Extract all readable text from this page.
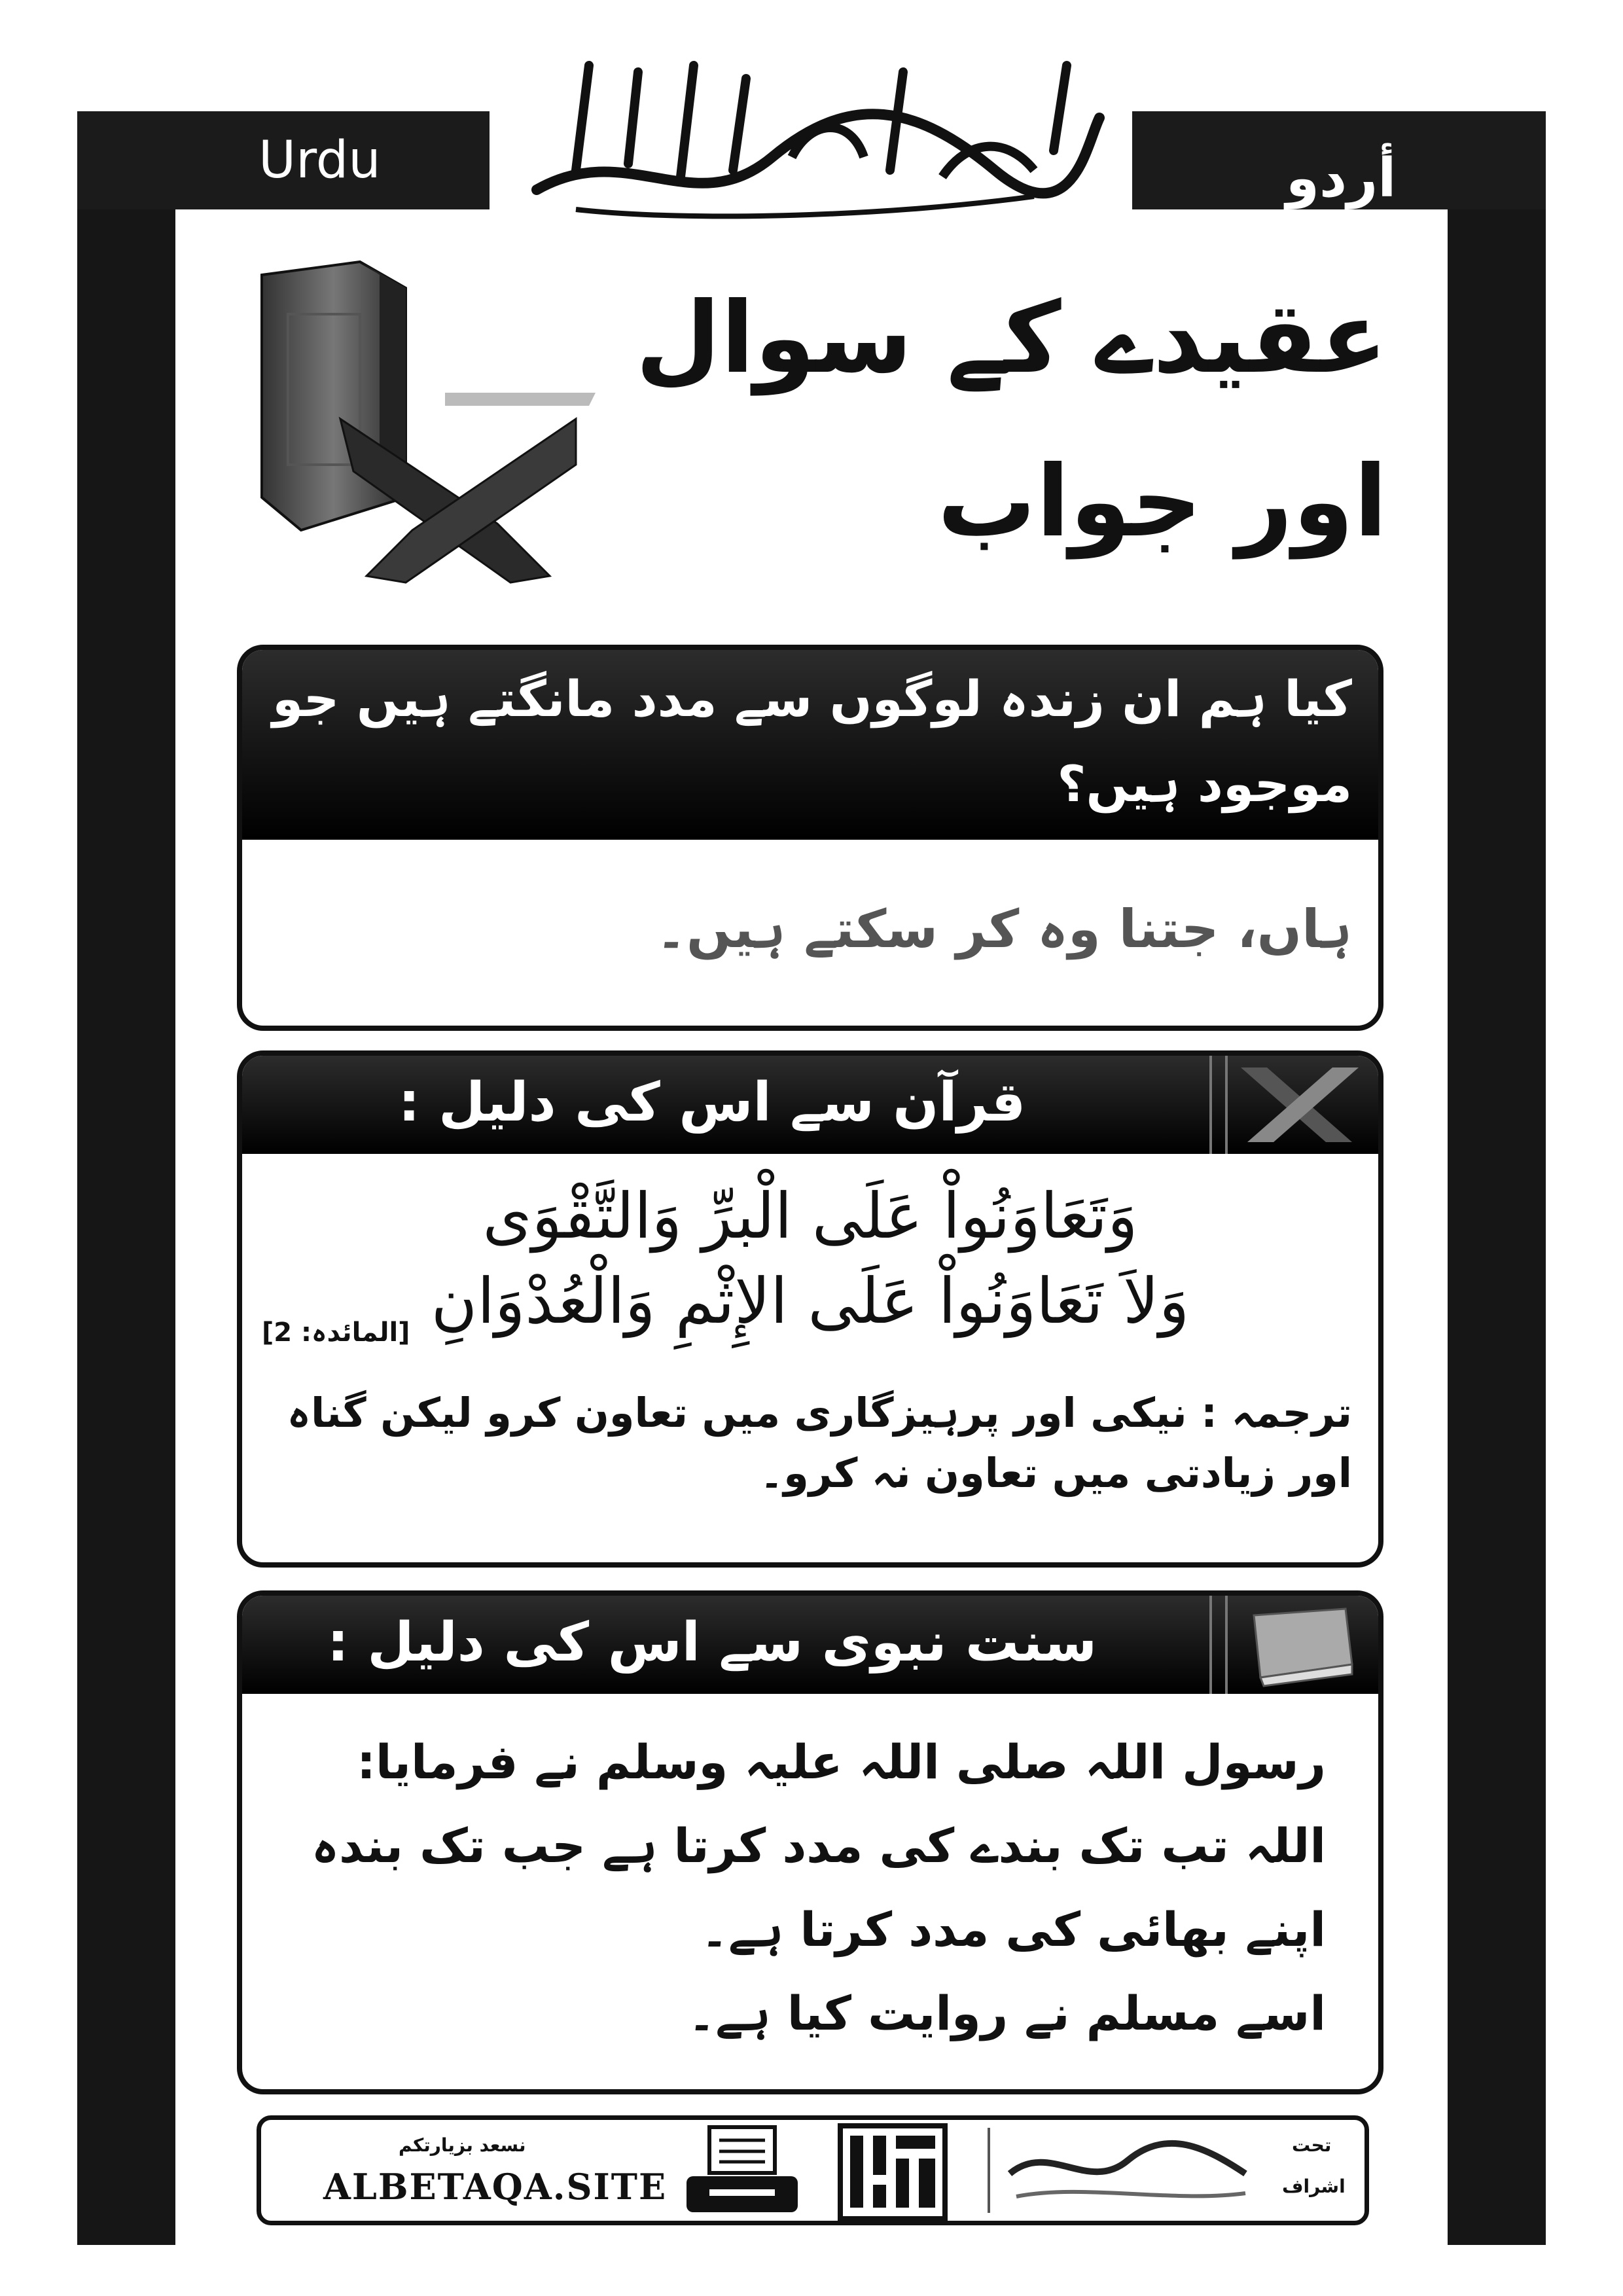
Urdu	أردو
عقیدے کے سوال
اور جواب
کیا ہم ان زندہ لوگوں سے مدد مانگتے ہیں جو موجود ہیں؟
ہاں، جتنا وہ کر سکتے ہیں۔
قرآن سے اس کی دلیل :
وَتَعَاوَنُواْ عَلَى الْبرِّ وَالتَّقْوَى
وَلاَ تَعَاوَنُواْ عَلَى الإِثْمِ وَالْعُدْوَانِ
[المائدہ: 2]
ترجمہ : نیکی اور پرہیزگاری میں تعاون کرو لیکن گناہ اور زیادتی میں تعاون نہ کرو۔
سنت نبوی سے اس کی دلیل :
رسول اللہ صلی اللہ علیہ وسلم نے فرمایا:
اللہ تب تک بندے کی مدد کرتا ہے جب تک بندہ
اپنے بھائی کی مدد کرتا ہے۔
اسے مسلم نے روایت کیا ہے۔
نسعد بزيارتكم
ALBETAQA.SITE
تحت
اشراف
